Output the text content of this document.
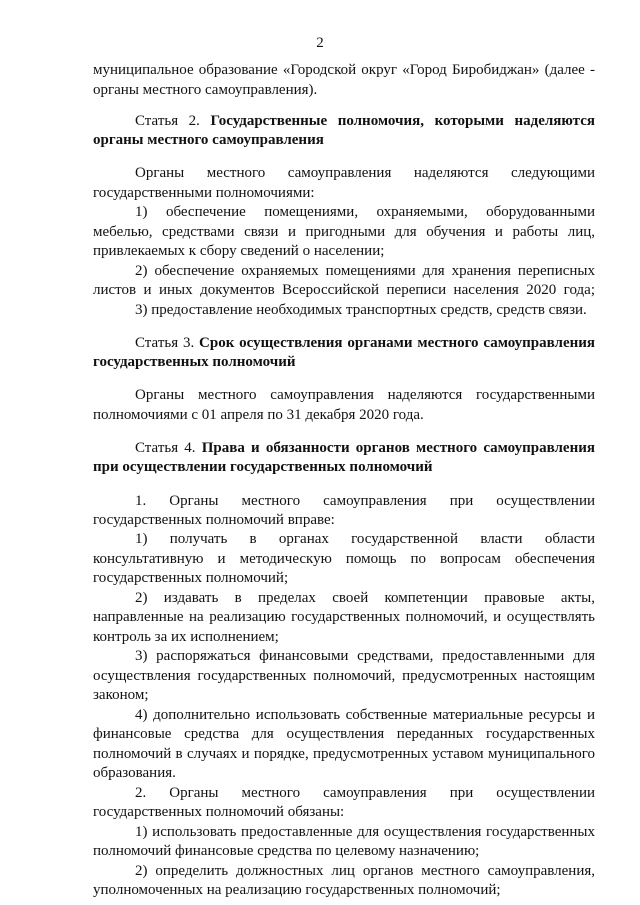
2
муниципальное образование «Городской округ «Город Биробиджан» (далее -
органы местного самоуправления).
Статья 2. Государственные полномочия, которыми наделяются
органы местного самоуправления
Органы местного самоуправления наделяются следующими
государственными полномочиями:
1) обеспечение помещениями, охраняемыми, оборудованными
мебелью, средствами связи и пригодными для обучения и работы лиц,
привлекаемых к сбору сведений о населении;
2) обеспечение охраняемых помещениями для хранения переписных
листов и иных документов Всероссийской переписи населения 2020 года;
3) предоставление необходимых транспортных средств, средств связи.
Статья 3. Срок осуществления органами местного самоуправления
государственных полномочий
Органы местного самоуправления наделяются государственными
полномочиями с 01 апреля по 31 декабря 2020 года.
Статья 4. Права и обязанности органов местного самоуправления
при осуществлении государственных полномочий
1. Органы местного самоуправления при осуществлении
государственных полномочий вправе:
1) получать в органах государственной власти области
консультативную и методическую помощь по вопросам обеспечения
государственных полномочий;
2) издавать в пределах своей компетенции правовые акты,
направленные на реализацию государственных полномочий, и осуществлять
контроль за их исполнением;
3) распоряжаться финансовыми средствами, предоставленными для
осуществления государственных полномочий, предусмотренных настоящим
законом;
4) дополнительно использовать собственные материальные ресурсы и
финансовые средства для осуществления переданных государственных
полномочий в случаях и порядке, предусмотренных уставом муниципального
образования.
2. Органы местного самоуправления при осуществлении
государственных полномочий обязаны:
1) использовать предоставленные для осуществления государственных
полномочий финансовые средства по целевому назначению;
2) определить должностных лиц органов местного самоуправления,
уполномоченных на реализацию государственных полномочий;
